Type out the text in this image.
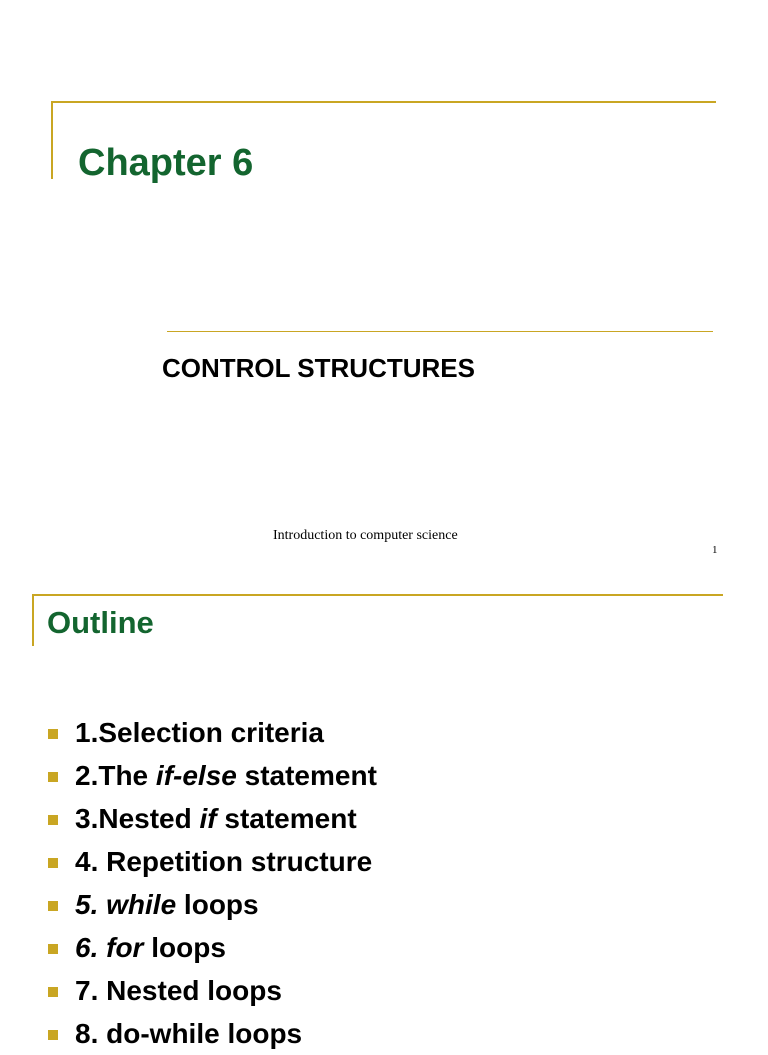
Chapter 6
CONTROL STRUCTURES
Introduction to computer science
1
Outline
1.Selection criteria
2.The if-else statement
3.Nested if statement
4. Repetition structure
5. while loops
6. for loops
7. Nested loops
8. do-while loops
